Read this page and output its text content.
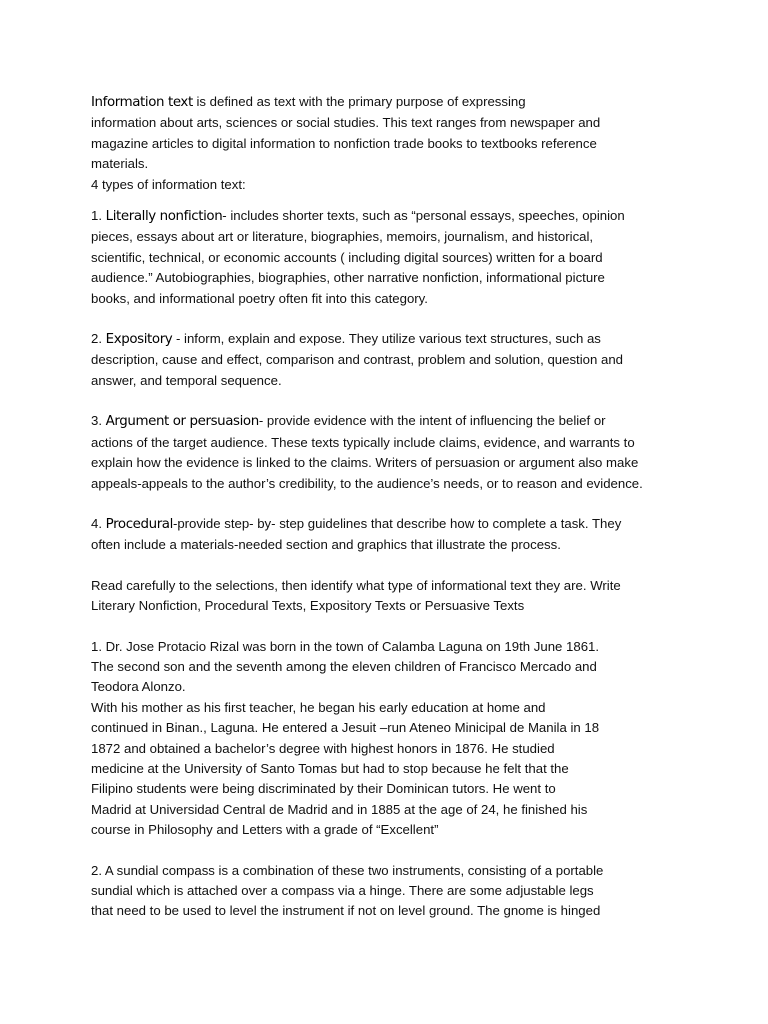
Information text is defined as text with the primary purpose of expressing
information about arts, sciences or social studies. This text ranges from newspaper and
magazine articles to digital information to nonfiction trade books to textbooks reference
materials.
4 types of information text:
1. Literally nonfiction- includes shorter texts, such as “personal essays, speeches, opinion
pieces, essays about art or literature, biographies, memoirs, journalism, and historical,
scientific, technical, or economic accounts ( including digital sources) written for a board
audience.” Autobiographies, biographies, other narrative nonfiction, informational picture
books, and informational poetry often fit into this category.
2. Expository - inform, explain and expose. They utilize various text structures, such as
description, cause and effect, comparison and contrast, problem and solution, question and
answer, and temporal sequence.
3. Argument or persuasion- provide evidence with the intent of influencing the belief or
actions of the target audience. These texts typically include claims, evidence, and warrants to
explain how the evidence is linked to the claims. Writers of persuasion or argument also make
appeals-appeals to the author’s credibility, to the audience’s needs, or to reason and evidence.
4. Procedural-provide step- by- step guidelines that describe how to complete a task. They
often include a materials-needed section and graphics that illustrate the process.
Read carefully to the selections, then identify what type of informational text they are. Write
Literary Nonfiction, Procedural Texts, Expository Texts or Persuasive Texts
1. Dr. Jose Protacio Rizal was born in the town of Calamba Laguna on 19th June 1861.
The second son and the seventh among the eleven children of Francisco Mercado and
Teodora Alonzo.
With his mother as his first teacher, he began his early education at home and
continued in Binan., Laguna. He entered a Jesuit –run Ateneo Minicipal de Manila in 18
1872 and obtained a bachelor’s degree with highest honors in 1876. He studied
medicine at the University of Santo Tomas but had to stop because he felt that the
Filipino students were being discriminated by their Dominican tutors. He went to
Madrid at Universidad Central de Madrid and in 1885 at the age of 24, he finished his
course in Philosophy and Letters with a grade of “Excellent”
2. A sundial compass is a combination of these two instruments, consisting of a portable
sundial which is attached over a compass via a hinge. There are some adjustable legs
that need to be used to level the instrument if not on level ground. The gnome is hinged
